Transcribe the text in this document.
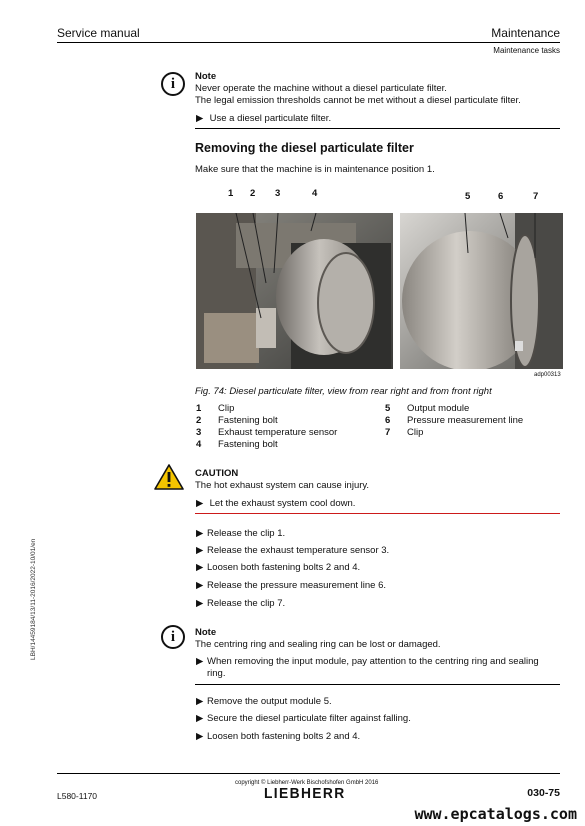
Service manual	Maintenance
Maintenance tasks
i	Note
Never operate the machine without a diesel particulate filter.
The legal emission thresholds cannot be met without a diesel particulate filter.
▶ Use a diesel particulate filter.
Removing the diesel particulate filter
Make sure that the machine is in maintenance position 1.
1 2 3	4	5	6	7
adp00313
Fig. 74: Diesel particulate filter, view from rear right and from front right
1 Clip
2 Fastening bolt
3 Exhaust temperature sensor
4 Fastening bolt
5 Output module
6 Pressure measurement line
7 Clip
CAUTION
The hot exhaust system can cause injury.
▶ Let the exhaust system cool down.
▶ Release the clip 1.
▶ Release the exhaust temperature sensor 3.
▶ Loosen both fastening bolts 2 and 4.
▶ Release the pressure measurement line 6.
▶ Release the clip 7.
i	Note
The centring ring and sealing ring can be lost or damaged.
▶ When removing the input module, pay attention to the centring ring and sealing
ring.
▶ Remove the output module 5.
▶ Secure the diesel particulate filter against falling.
▶ Loosen both fastening bolts 2 and 4.
LBH/14459184/13/11-2016/2022-10/01/en
copyright © Liebherr-Werk Bischofshofen GmbH 2016
L580-1170	LIEBHERR	030-75
www.epcatalogs.com
